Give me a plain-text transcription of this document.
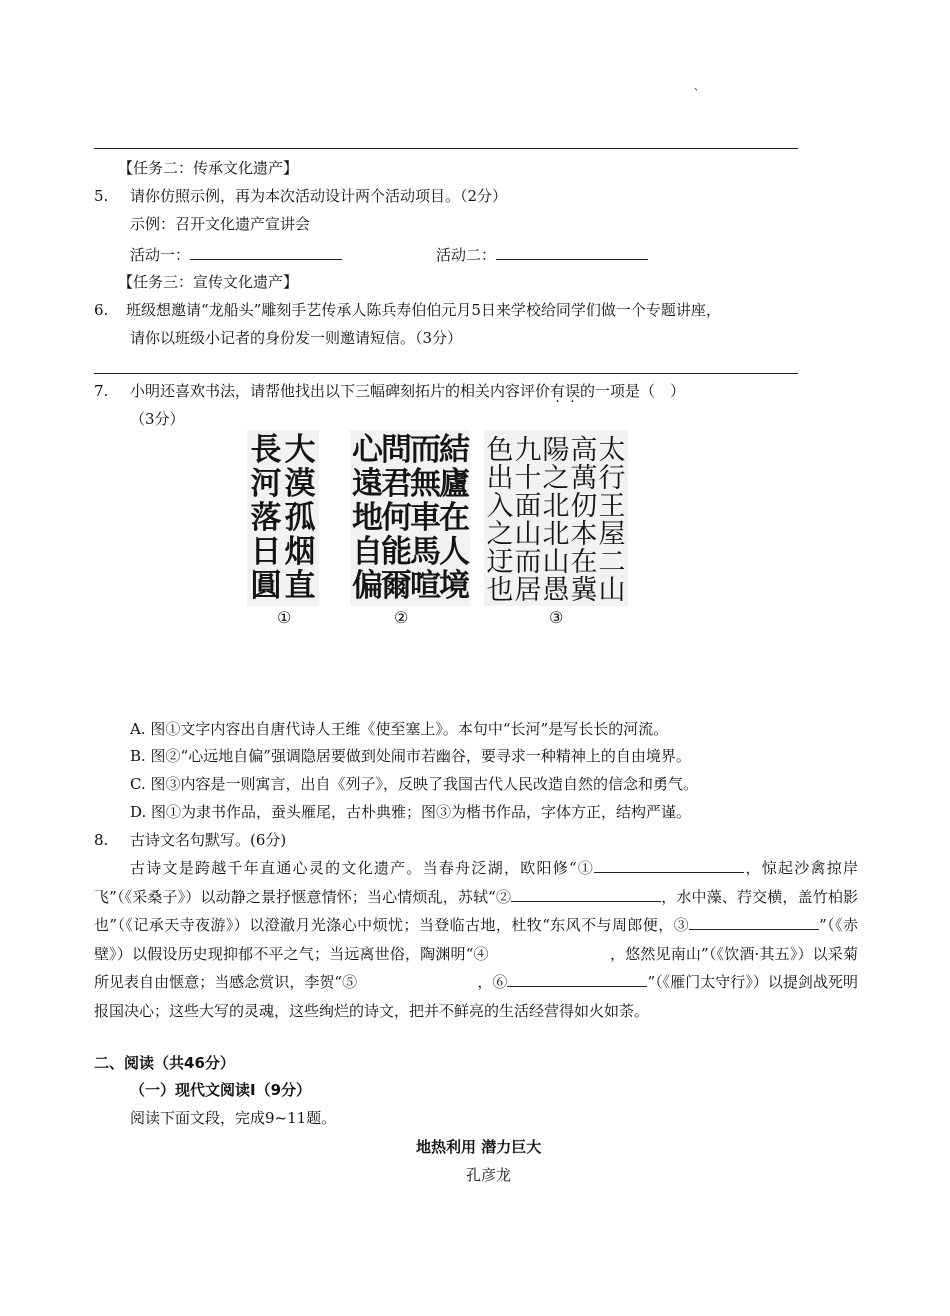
、
【任务二：传承文化遗产】
5. 请你仿照示例，再为本次活动设计两个活动项目。（2分）
示例：召开文化遗产宣讲会
活动一：	活动二：
【任务三：宣传文化遗产】
6. 班级想邀请“龙船头”雕刻手艺传承人陈兵寿伯伯元月5日来学校给同学们做一个专题讲座，
请你以班级小记者的身份发一则邀请短信。（3分）
7. 小明还喜欢书法，请帮他找出以下三幅碑刻拓片的相关内容评价有误的一项是（　）
（3分）
大
漠
孤
烟
直
長
河
落
日
圓
結
廬
在
人
境
而
無
車
馬
喧
問
君
何
能
爾
心
遠
地
自
偏
太
行
王
屋
二
山
高
萬
仞
本
在
冀
陽
之
北
北
山
愚
九
十
面
山
而
居
色
出
入
之
迂
也
①	②	③
A. 图①文字内容出自唐代诗人王维《使至塞上》。本句中“长河”是写长长的河流。
B. 图②“心远地自偏”强调隐居要做到处闹市若幽谷，要寻求一种精神上的自由境界。
C. 图③内容是一则寓言，出自《列子》，反映了我国古代人民改造自然的信念和勇气。
D. 图①为隶书作品，蚕头雁尾，古朴典雅；图③为楷书作品，字体方正，结构严谨。
8. 古诗文名句默写。(6分)
古诗文是跨越千年直通心灵的文化遗产。当春舟泛湖，欧阳修“①	，惊起沙禽掠岸飞”（《采桑子》）以动静之景抒惬意情怀；当心情烦乱，苏轼“②	，水中藻、荇交横，盖竹柏影也”（《记承天寺夜游》）以澄澈月光涤心中烦忧；当登临古地，杜牧“东风不与周郎便，③	”（《赤壁》）以假设历史现抑郁不平之气；当远离世俗，陶渊明“④　　　　　　　　，悠然见南山”（《饮酒·其五》）以采菊所见表自由惬意；当感念赏识，李贺“⑤　　　　　　　　，⑥	”（《雁门太守行》）以提剑战死明报国决心；这些大写的灵魂，这些绚烂的诗文，把并不鲜亮的生活经营得如火如荼。
二、阅读（共46分）
（一）现代文阅读I（9分）
阅读下面文段，完成9~11题。
地热利用 潜力巨大
孔彦龙
